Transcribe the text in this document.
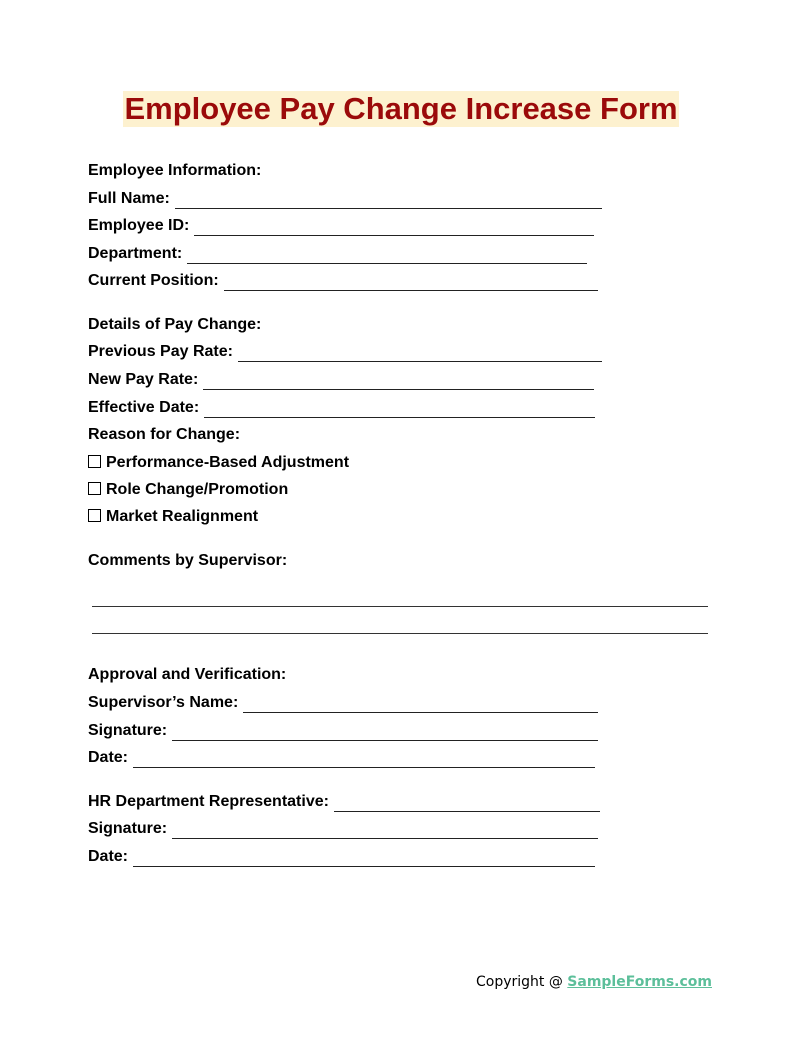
Employee Pay Change Increase Form
Employee Information:
Full Name:
Employee ID:
Department:
Current Position:
Details of Pay Change:
Previous Pay Rate:
New Pay Rate:
Effective Date:
Reason for Change:
Performance-Based Adjustment
Role Change/Promotion
Market Realignment
Comments by Supervisor:
Approval and Verification:
Supervisor’s Name:
Signature:
Date:
HR Department Representative:
Signature:
Date:
Copyright @ SampleForms.com
